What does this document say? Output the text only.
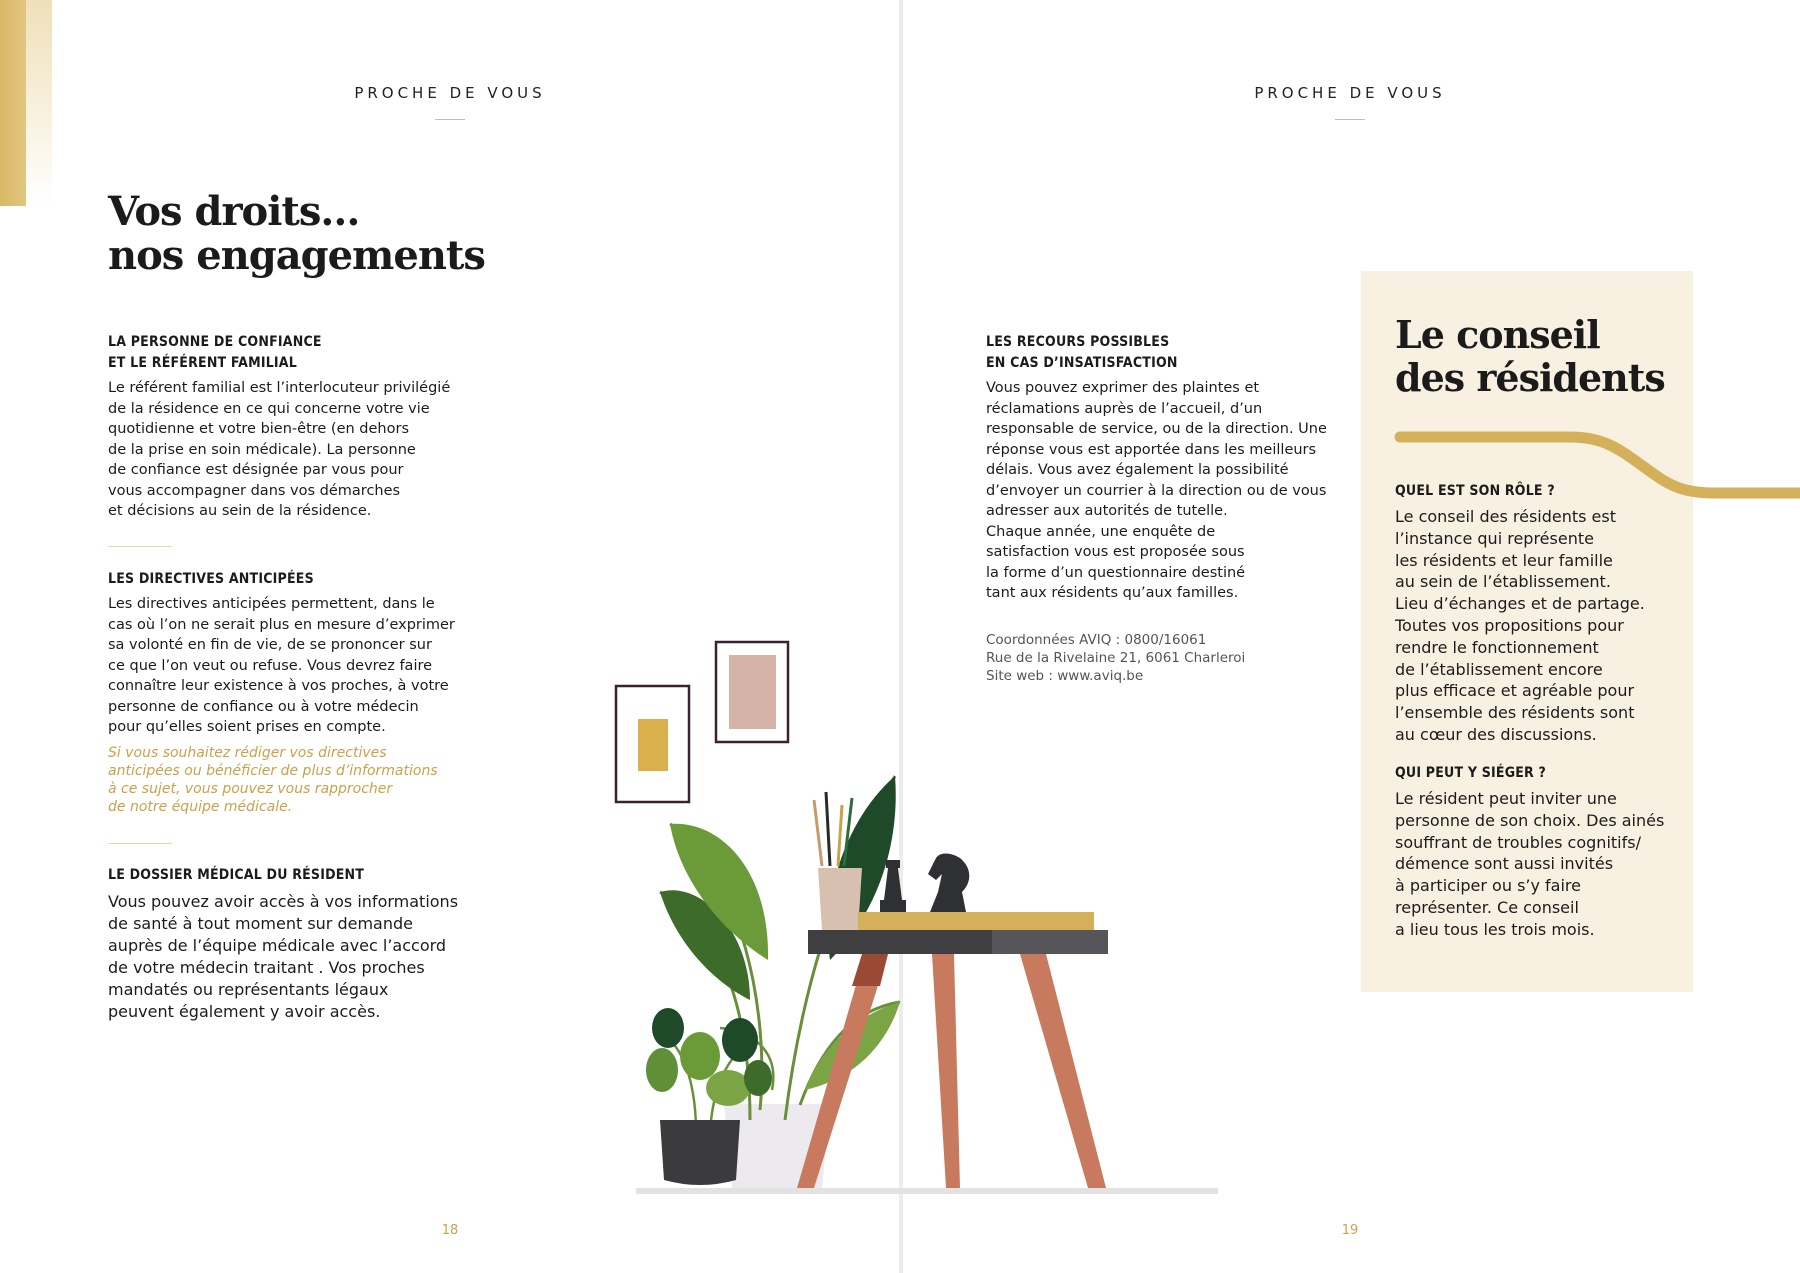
PROCHE DE VOUS
Vos droits…
nos engagements
LA PERSONNE DE CONFIANCE
ET LE RÉFÉRENT FAMILIAL

Le référent familial est l’interlocuteur privilégié
de la résidence en ce qui concerne votre vie
quotidienne et votre bien-être (en dehors
de la prise en soin médicale). La personne
de confiance est désignée par vous pour
vous accompagner dans vos démarches
et décisions au sein de la résidence.

LES DIRECTIVES ANTICIPÉES

Les directives anticipées permettent, dans le
cas où l’on ne serait plus en mesure d’exprimer
sa volonté en fin de vie, de se prononcer sur
ce que l’on veut ou refuse. Vous devrez faire
connaître leur existence à vos proches, à votre
personne de confiance ou à votre médecin
pour qu’elles soient prises en compte.

Si vous souhaitez rédiger vos directives
anticipées ou bénéficier de plus d’informations
à ce sujet, vous pouvez vous rapprocher
de notre équipe médicale.

LE DOSSIER MÉDICAL DU RÉSIDENT

Vous pouvez avoir accès à vos informations
de santé à tout moment sur demande
auprès de l’équipe médicale avec l’accord
de votre médecin traitant . Vos proches
mandatés ou représentants légaux
peuvent également y avoir accès.

18
PROCHE DE VOUS
LES RECOURS POSSIBLES
EN CAS D’INSATISFACTION

Vous pouvez exprimer des plaintes et
réclamations auprès de l’accueil, d’un
responsable de service, ou de la direction. Une
réponse vous est apportée dans les meilleurs
délais. Vous avez également la possibilité
d’envoyer un courrier à la direction ou de vous
adresser aux autorités de tutelle.
Chaque année, une enquête de
satisfaction vous est proposée sous
la forme d’un questionnaire destiné
tant aux résidents qu’aux familles.

Coordonnées AVIQ : 0800/16061
Rue de la Rivelaine 21, 6061 Charleroi
Site web : www.aviq.be

19
Le conseil
des résidents
QUEL EST SON RÔLE ?

Le conseil des résidents est
l’instance qui représente
les résidents et leur famille
au sein de l’établissement.
Lieu d’échanges et de partage.
Toutes vos propositions pour
rendre le fonctionnement
de l’établissement encore
plus efficace et agréable pour
l’ensemble des résidents sont
au cœur des discussions.

QUI PEUT Y SIÉGER ?

Le résident peut inviter une
personne de son choix. Des ainés
souffrant de troubles cognitifs/
démence sont aussi invités
à participer ou s’y faire
représenter. Ce conseil
a lieu tous les trois mois.
